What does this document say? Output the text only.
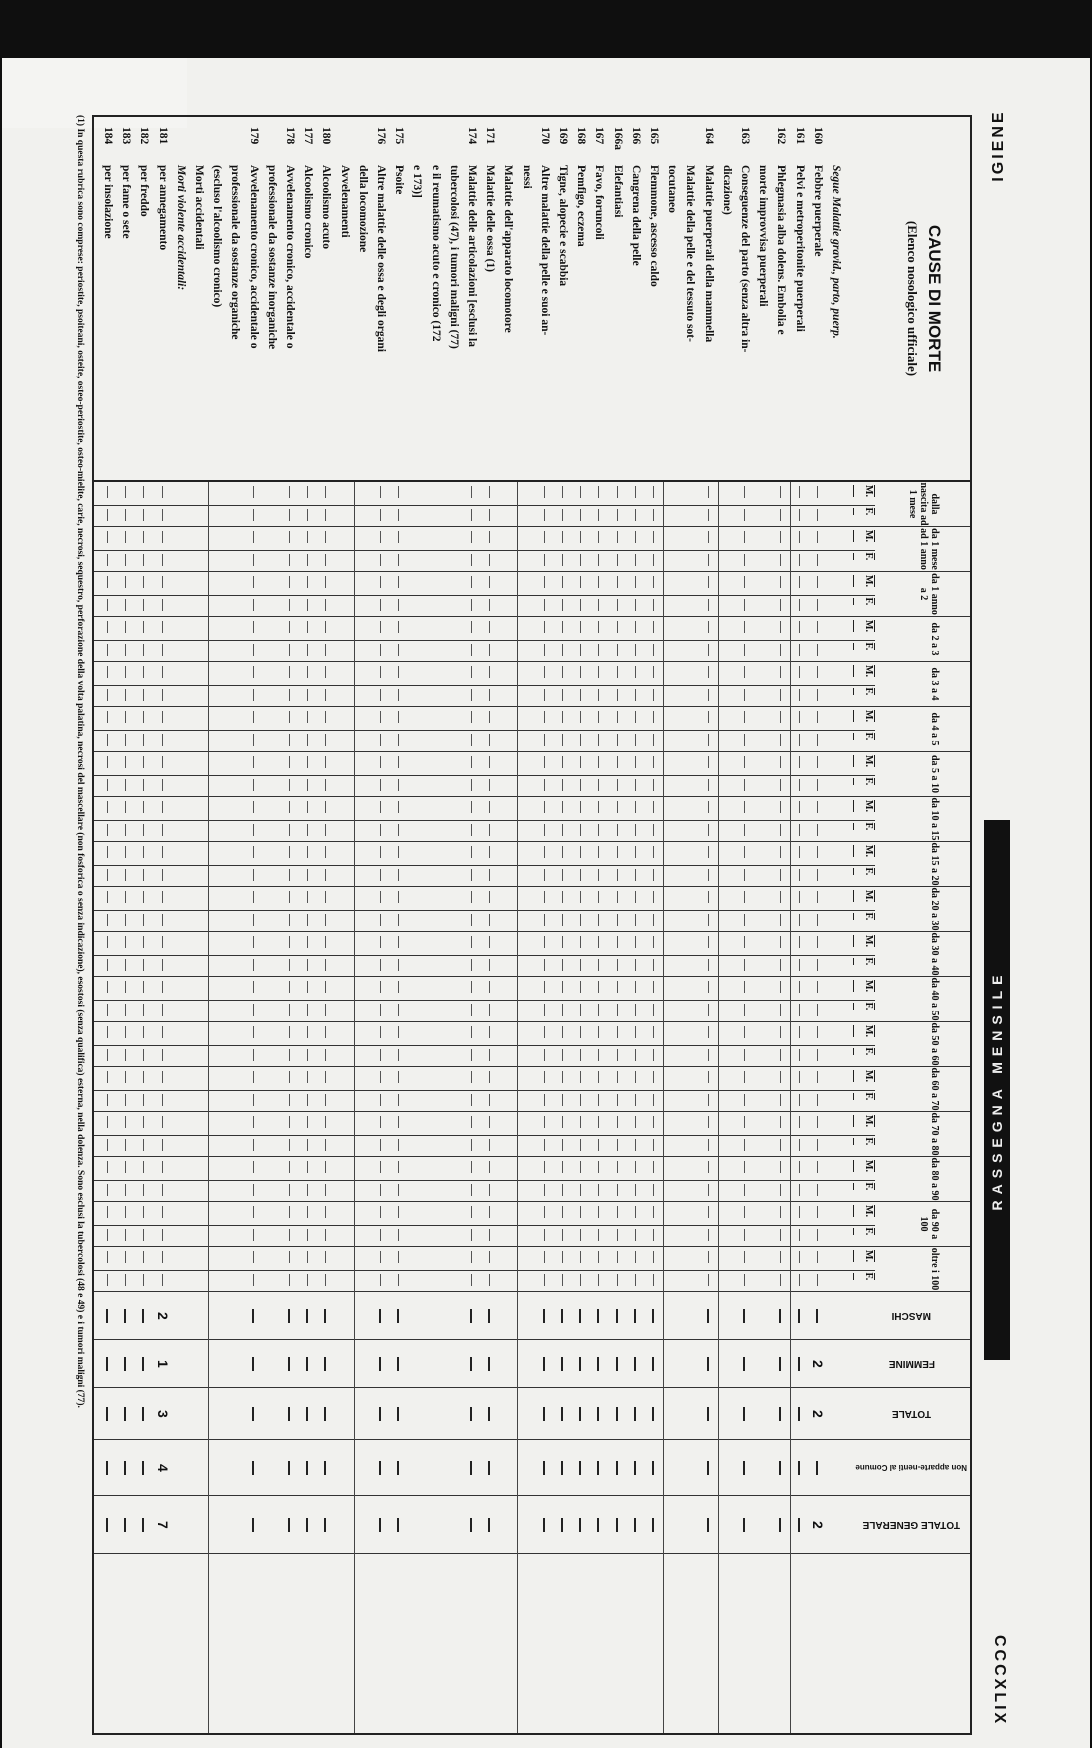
IGIENE
RASSEGNA MENSILE
CCCXLIX
CAUSE DI MORTE
(Elenco nosologico ufficiale)
Segue Malattie gravid., parto, puerp.
160Febbre puerperale
161Pelvi e metroperitonite puerperali
162Phlegmasia alba dolens. Embolia e
morte improvvisa puerperali
163Conseguenze del parto (senza altra in-
dicazione)
164Malattie puerperali della mammella
Malattie della pelle e del tessuto sot-
tocutaneo
165Flemmone, ascesso caldo
166Cangrena della pelle
166aElefantiasi
167Favo, foruncoli
168Pemfigo, eczema
169Tigne, alopecie e scabbia
170Altre malattie della pelle e suoi an-
nessi
Malattie dell'apparato locomotore
171Malattie delle ossa (1)
174Malattie delle articolazioni [esclusi la
tubercolosi (47), i tumori maligni (77)
e il reumatismo acuto e cronico (172
e 173)]
175Psoite
176Altre malattie delle ossa e degli organi
della locomozione
Avvelenamenti
180Alcoolismo acuto
177Alcoolismo cronico
178Avvelenamento cronico, accidentale o
professionale da sostanze inorganiche
179Avvelenamento cronico, accidentale o
professionale da sostanze organiche
(escluso l'alcoolismo cronico)
Morti accidentali
Morti violente accidentali:
181per annegamento
182per freddo
183per fame o sete
184per insolazione
dalla nascita ad 1 mese
M.
F.
da 1 mese ad 1 anno
M.
F.
da 1 anno a 2
M.
F.
da 2 a 3
M.
F.
da 3 a 4
M.
F.
da 4 a 5
M.
F.
da 5 a 10
M.
F.
da 10 a 15
M.
F.
da 15 a 20
M.
F.
da 20 a 30
M.
F.
da 30 a 40
M.
F.
da 40 a 50
M.
F.
da 50 a 60
M.
F.
da 60 a 70
M.
F.
da 70 a 80
M.
F.
da 80 a 90
M.
F.
da 90 a 100
M.
F.
oltre i 100
M.
F.
MASCHI
FEMMINE
TOTALE
Non apparte-nenti al Comune
TOTALE GENERALE
2
2
2
2
1
3
4
7
(1) In questa rubrica sono comprese: periostite, psoiteani, osteite, osteo-periostite, osteo-mielite, carie, necrosi, sequestro, perforazione della volta palatina, necrosi del mascellare (non fosforica o senza indicazione), esostosi (senza qualifica) esterna, nella dolenza. Sono esclusi la tubercolosi (48 e 49) e i tumori maligni (77).
